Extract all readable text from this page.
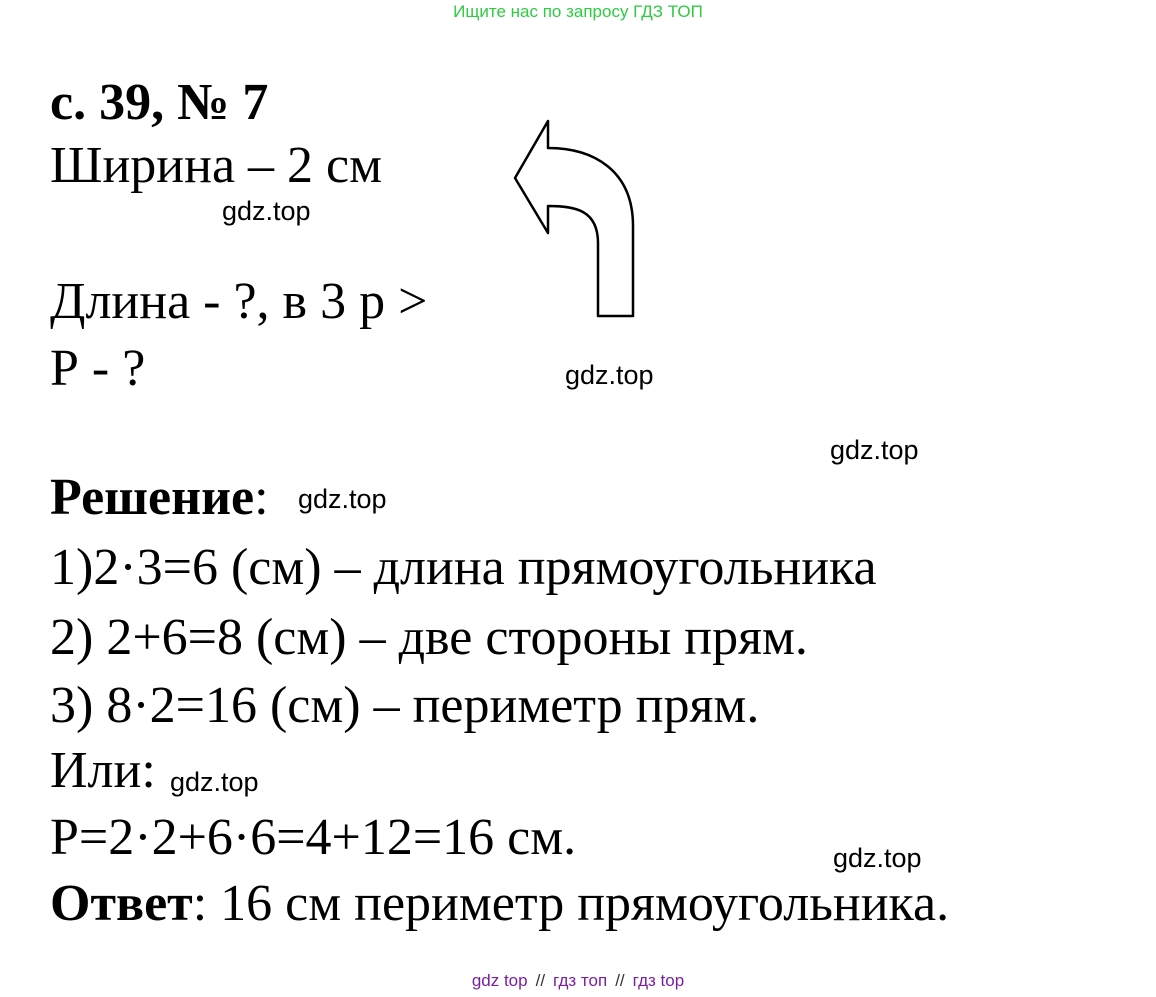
Ищите нас по запросу ГДЗ ТОП
с. 39, № 7
Ширина – 2 см
gdz.top
Длина - ?, в 3 р >
Р - ?	gdz.top
gdz.top
Решение: gdz.top
1)2·3=6 (см) – длина прямоугольника
2) 2+6=8 (см) – две стороны прям.
3) 8·2=16 (см) – периметр прям.
Или: gdz.top
Р=2·2+6·6=4+12=16 см.	gdz.top
Ответ: 16 см периметр прямоугольника.
gdz top // гдз топ // гдз top
